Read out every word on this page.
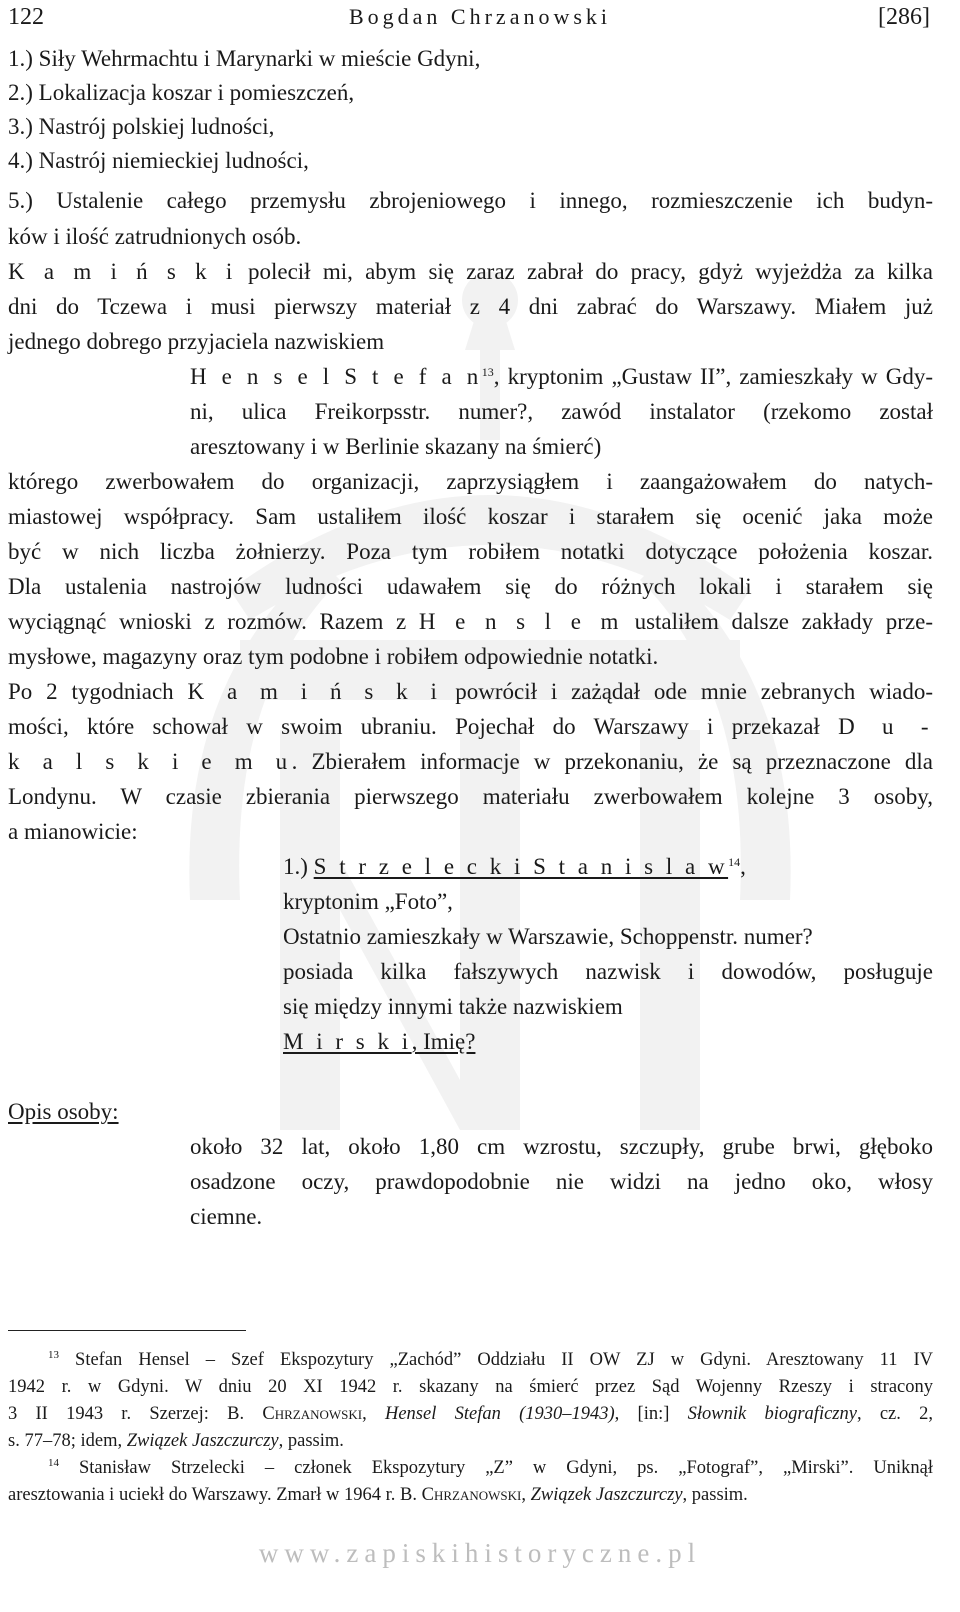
122	Bogdan Chrzanowski	[286]
1.) Siły Wehrmachtu i Marynarki w mieście Gdyni,
2.) Lokalizacja koszar i pomieszczeń,
3.) Nastrój polskiej ludności,
4.) Nastrój niemieckiej ludności,
5.) Ustalenie całego przemysłu zbrojeniowego i innego, rozmieszczenie ich budyn-
ków i ilość zatrudnionych osób.
K a m i ń s k i polecił mi, abym się zaraz zabrał do pracy, gdyż wyjeżdża za kilka
dni do Tczewa i musi pierwszy materiał z 4 dni zabrać do Warszawy. Miałem już
jednego dobrego przyjaciela nazwiskiem
H e n s e l S t e f a $n^{13}$, kryptonim „Gustaw II”, zamieszkały w Gdy-
ni, ulica Freikorpsstr. numer?, zawód instalator (rzekomo został
aresztowany i w Berlinie skazany na śmierć)
którego zwerbowałem do organizacji, zaprzysiągłem i zaangażowałem do natych-
miastowej współpracy. Sam ustaliłem ilość koszar i starałem się ocenić jaka może
być w nich liczba żołnierzy. Poza tym robiłem notatki dotyczące położenia koszar.
Dla ustalenia nastrojów ludności udawałem się do różnych lokali i starałem się
wyciągnąć wnioski z rozmów. Razem z H e n s l e m ustaliłem dalsze zakłady prze-
mysłowe, magazyny oraz tym podobne i robiłem odpowiednie notatki.
Po 2 tygodniach K a m i ń s k i powrócił i zażądał ode mnie zebranych wiado-
mości, które schował w swoim ubraniu. Pojechał do Warszawy i przekazał D u -
k a l s k i e m u. Zbierałem informacje w przekonaniu, że są przeznaczone dla
Londynu. W czasie zbierania pierwszego materiału zwerbowałem kolejne 3 osoby,
a mianowicie:
1.) S t r z e l e c k i S t a n i s l a $w^{14}$,
kryptonim „Foto”,
Ostatnio zamieszkały w Warszawie, Schoppenstr. numer?
posiada kilka fałszywych nazwisk i dowodów, posługuje
się między innymi także nazwiskiem
M i r s k i, Imię?
Opis osoby:
około 32 lat, około 1,80 cm wzrostu, szczupły, grube brwi, głęboko
osadzone oczy, prawdopodobnie nie widzi na jedno oko, włosy
ciemne.
$^{13}$ Stefan Hensel – Szef Ekspozytury „Zachód” Oddziału II OW ZJ w Gdyni. Aresztowany 11 IV
1942 r. w Gdyni. W dniu 20 XI 1942 r. skazany na śmierć przez Sąd Wojenny Rzeszy i stracony
3 II 1943 r. Szerzej: B. Chrzanowski, Hensel Stefan (1930–1943), [in:] Słownik biograficzny, cz. 2,
s. 77–78; idem, Związek Jaszczurczy, passim.
$^{14}$ Stanisław Strzelecki – członek Ekspozytury „Z” w Gdyni, ps. „Fotograf”, „Mirski”. Uniknął
aresztowania i uciekł do Warszawy. Zmarł w 1964 r. B. Chrzanowski, Związek Jaszczurczy, passim.
www.zapiskihistoryczne.pl
